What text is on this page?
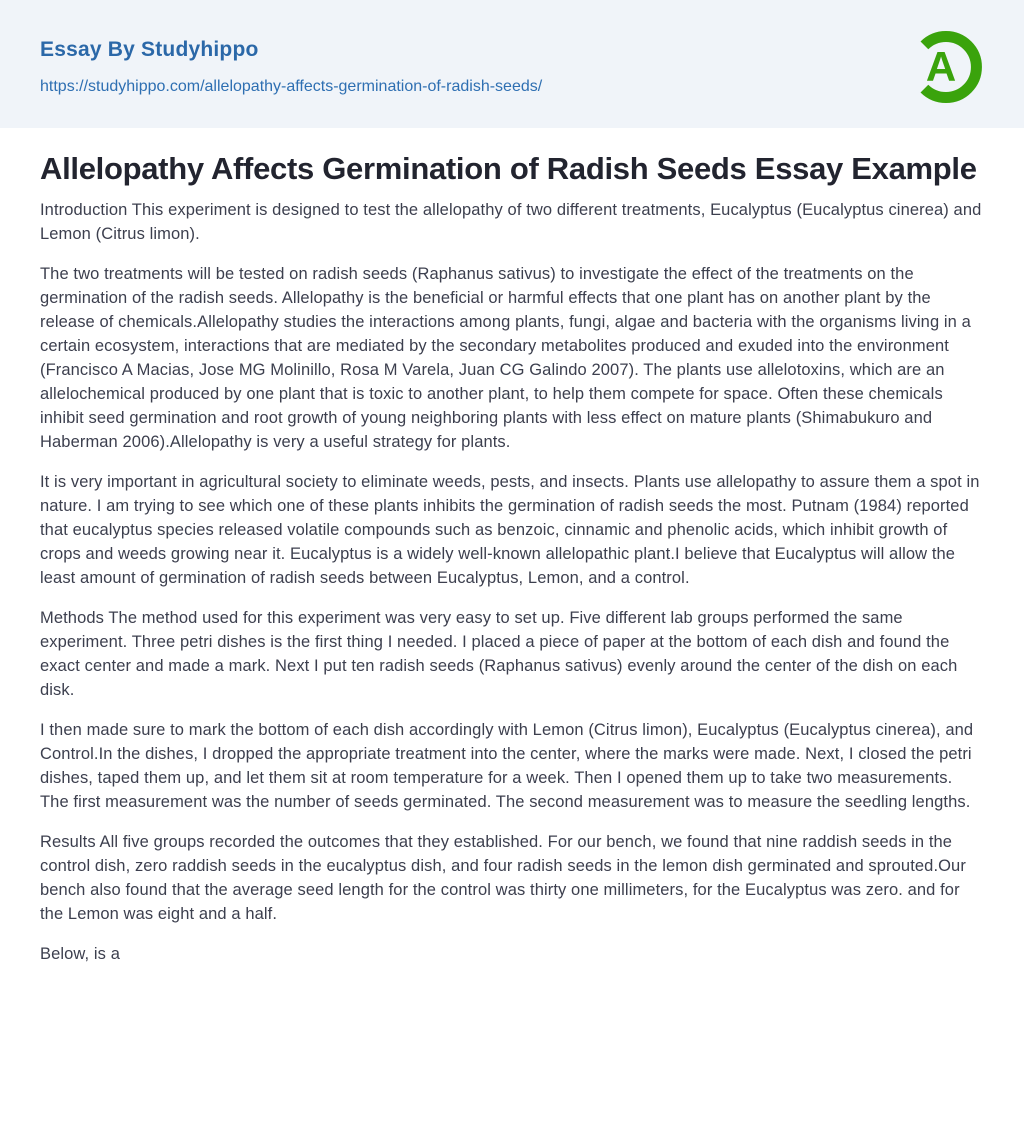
Essay By Studyhippo
https://studyhippo.com/allelopathy-affects-germination-of-radish-seeds/	A
Allelopathy Affects Germination of Radish Seeds Essay Example

Introduction This experiment is designed to test the allelopathy of two different treatments, Eucalyptus (Eucalyptus cinerea) and Lemon (Citrus limon).

The two treatments will be tested on radish seeds (Raphanus sativus) to investigate the effect of the treatments on the germination of the radish seeds. Allelopathy is the beneficial or harmful effects that one plant has on another plant by the release of chemicals.Allelopathy studies the interactions among plants, fungi, algae and bacteria with the organisms living in a certain ecosystem, interactions that are mediated by the secondary metabolites produced and exuded into the environment (Francisco A Macias, Jose MG Molinillo, Rosa M Varela, Juan CG Galindo 2007). The plants use allelotoxins, which are an allelochemical produced by one plant that is toxic to another plant, to help them compete for space. Often these chemicals inhibit seed germination and root growth of young neighboring plants with less effect on mature plants (Shimabukuro and Haberman 2006).Allelopathy is very a useful strategy for plants.

It is very important in agricultural society to eliminate weeds, pests, and insects. Plants use allelopathy to assure them a spot in nature. I am trying to see which one of these plants inhibits the germination of radish seeds the most. Putnam (1984) reported that eucalyptus species released volatile compounds such as benzoic, cinnamic and phenolic acids, which inhibit growth of crops and weeds growing near it. Eucalyptus is a widely well-known allelopathic plant.I believe that Eucalyptus will allow the least amount of germination of radish seeds between Eucalyptus, Lemon, and a control.

Methods The method used for this experiment was very easy to set up. Five different lab groups performed the same experiment. Three petri dishes is the first thing I needed. I placed a piece of paper at the bottom of each dish and found the exact center and made a mark. Next I put ten radish seeds (Raphanus sativus) evenly around the center of the dish on each disk.

I then made sure to mark the bottom of each dish accordingly with Lemon (Citrus limon), Eucalyptus (Eucalyptus cinerea), and Control.In the dishes, I dropped the appropriate treatment into the center, where the marks were made. Next, I closed the petri dishes, taped them up, and let them sit at room temperature for a week. Then I opened them up to take two measurements. The first measurement was the number of seeds germinated. The second measurement was to measure the seedling lengths.

Results All five groups recorded the outcomes that they established. For our bench, we found that nine raddish seeds in the control dish, zero raddish seeds in the eucalyptus dish, and four radish seeds in the lemon dish germinated and sprouted.Our bench also found that the average seed length for the control was thirty one millimeters, for the Eucalyptus was zero. and for the Lemon was eight and a half.

Below, is a
